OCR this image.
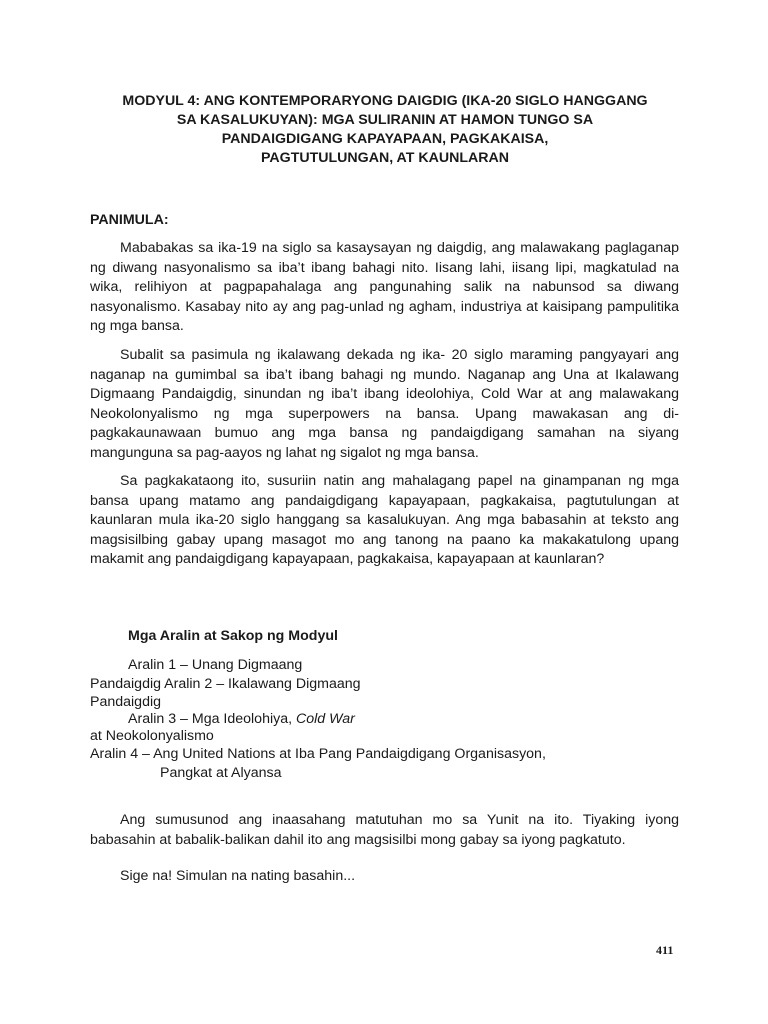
MODYUL 4: ANG KONTEMPORARYONG DAIGDIG (IKA-20 SIGLO HANGGANG
SA KASALUKUYAN): MGA SULIRANIN AT HAMON TUNGO SA
PANDAIGDIGANG KAPAYAPAAN, PAGKAKAISA,
PAGTUTULUNGAN, AT KAUNLARAN
PANIMULA:

Mababakas sa ika-19 na siglo sa kasaysayan ng daigdig, ang malawakang paglaganap ng diwang nasyonalismo sa iba’t ibang bahagi nito. Iisang lahi, iisang lipi, magkatulad na wika, relihiyon at pagpapahalaga ang pangunahing salik na nabunsod sa diwang nasyonalismo. Kasabay nito ay ang pag-unlad ng agham, industriya at kaisipang pampulitika ng mga bansa.

Subalit sa pasimula ng ikalawang dekada ng ika- 20 siglo maraming pangyayari ang naganap na gumimbal sa iba’t ibang bahagi ng mundo. Naganap ang Una at Ikalawang Digmaang Pandaigdig, sinundan ng iba’t ibang ideolohiya, Cold War at ang malawakang Neokolonyalismo ng mga superpowers na bansa. Upang mawakasan ang di- pagkakaunawaan bumuo ang mga bansa ng pandaigdigang samahan na siyang mangunguna sa pag-aayos ng lahat ng sigalot ng mga bansa.

Sa pagkakataong ito, susuriin natin ang mahalagang papel na ginampanan ng mga bansa upang matamo ang pandaigdigang kapayapaan, pagkakaisa, pagtutulungan at kaunlaran mula ika-20 siglo hanggang sa kasalukuyan. Ang mga babasahin at teksto ang magsisilbing gabay upang masagot mo ang tanong na paano ka makakatulong upang makamit ang pandaigdigang kapayapaan, pagkakaisa, kapayapaan at kaunlaran?

Mga Aralin at Sakop ng Modyul
Aralin 1 – Unang Digmaang
Pandaigdig Aralin 2 – Ikalawang Digmaang
Pandaigdig
Aralin 3 – Mga Ideolohiya, Cold War
at Neokolonyalismo
Aralin 4 – Ang United Nations at Iba Pang Pandaigdigang Organisasyon,
Pangkat at Alyansa

Ang sumusunod ang inaasahang matutuhan mo sa Yunit na ito. Tiyaking iyong babasahin at babalik-balikan dahil ito ang magsisilbi mong gabay sa iyong pagkatuto.

Sige na! Simulan na nating basahin...

411
